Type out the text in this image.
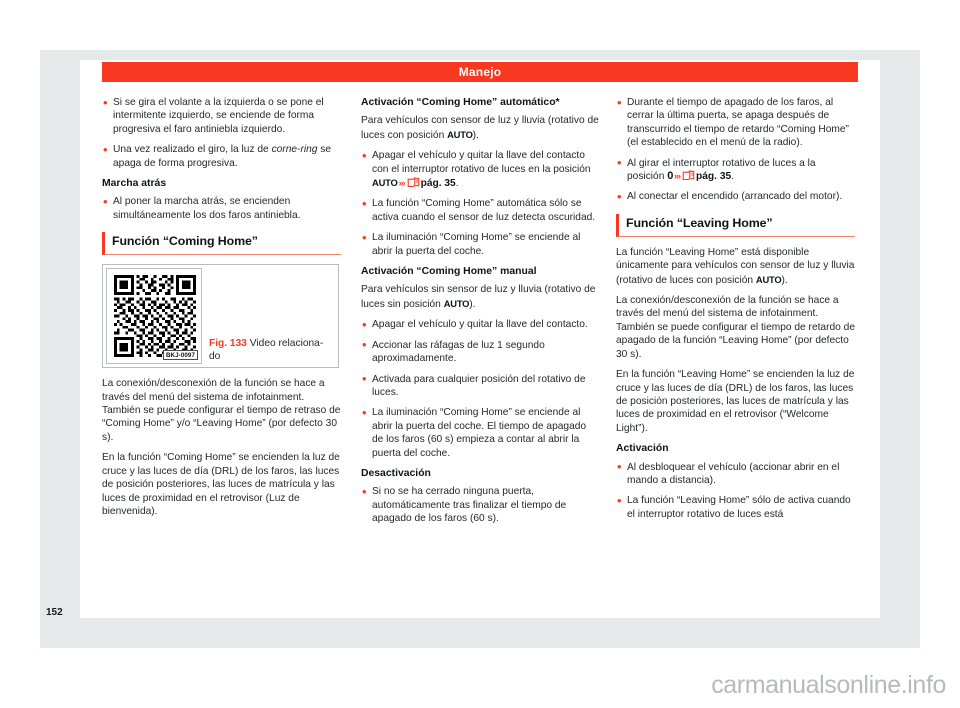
152
Manejo

• Si se gira el volante a la izquierda o se pone el intermitente izquierdo, se enciende de forma progresiva el faro antiniebla izquierdo.

• Una vez realizado el giro, la luz de corne-ring se apaga de forma progresiva.

Marcha atrás

• Al poner la marcha atrás, se encienden simultáneamente los dos faros antiniebla.

Función “Coming Home”
BKJ-0097
Fig. 133 Video relaciona-
do

La conexión/desconexión de la función se hace a través del menú del sistema de infotainment. También se puede configurar el tiempo de retraso de “Coming Home” y/o “Leaving Home” (por defecto 30 s).

En la función “Coming Home” se encienden la luz de cruce y las luces de día (DRL) de los faros, las luces de posición posteriores, las luces de matrícula y las luces de proximidad en el retrovisor (Luz de bienvenida).

Activación “Coming Home” automático*

Para vehículos con sensor de luz y lluvia (rotativo de luces con posición AUTO).

• Apagar el vehículo y quitar la llave del contacto con el interruptor rotativo de luces en la posición AUTO››› pág. 35.

• La función “Coming Home” automática sólo se activa cuando el sensor de luz detecta oscuridad.

• La iluminación “Coming Home” se enciende al abrir la puerta del coche.

Activación “Coming Home” manual

Para vehículos sin sensor de luz y lluvia (rotativo de luces sin posición AUTO).

• Apagar el vehículo y quitar la llave del contacto.

• Accionar las ráfagas de luz 1 segundo aproximadamente.

• Activada para cualquier posición del rotativo de luces.

• La iluminación “Coming Home” se enciende al abrir la puerta del coche. El tiempo de apagado de los faros (60 s) empieza a contar al abrir la puerta del coche.

Desactivación

• Si no se ha cerrado ninguna puerta, automáticamente tras finalizar el tiempo de apagado de los faros (60 s).

• Durante el tiempo de apagado de los faros, al cerrar la última puerta, se apaga después de transcurrido el tiempo de retardo “Coming Home” (el establecido en el menú de la radio).

• Al girar el interruptor rotativo de luces a la posición 0››› pág. 35.

• Al conectar el encendido (arrancado del motor).

Función “Leaving Home”

La función “Leaving Home” está disponible únicamente para vehículos con sensor de luz y lluvia (rotativo de luces con posición AUTO).

La conexión/desconexión de la función se hace a través del menú del sistema de infotainment. También se puede configurar el tiempo de retardo de apagado de la función “Leaving Home” (por defecto 30 s).

En la función “Leaving Home” se encienden la luz de cruce y las luces de día (DRL) de los faros, las luces de posición posteriores, las luces de matrícula y las luces de proximidad en el retrovisor (“Welcome Light”).

Activación

• Al desbloquear el vehículo (accionar abrir en el mando a distancia).

• La función “Leaving Home” sólo de activa cuando el interruptor rotativo de luces está

carmanualsonline.info
